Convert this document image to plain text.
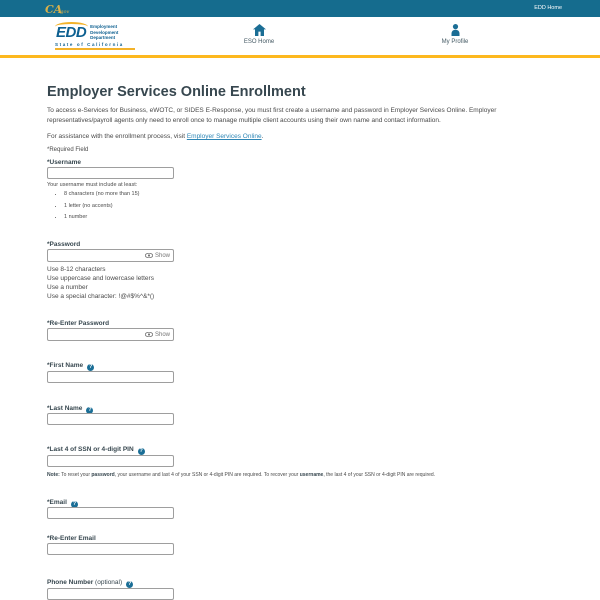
CAgov
EDD Home
EDD Employment
Development
Department
State of California	ESO Home	My Profile
Employer Services Online Enrollment

To access e-Services for Business, eWOTC, or SIDES E-Response, you must first create a username and password in Employer Services Online. Employer representatives/payroll agents only need to enroll once to manage multiple client accounts using their own name and contact information.

For assistance with the enrollment process, visit Employer Services Online.

*Required Field
*Username
Your username must include at least:
• 8 characters (no more than 15)
• 1 letter (no accents)
• 1 number
*Password
Show
Use 8-12 characters
Use uppercase and lowercase letters
Use a number
Use a special character: !@#$%^&*()
*Re-Enter Password
Show
*First Name ?
*Last Name ?
*Last 4 of SSN or 4-digit PIN ?
Note: To reset your password, your username and last 4 of your SSN or 4-digit PIN are required. To recover your username, the last 4 of your SSN or 4-digit PIN are required.
*Email ?
*Re-Enter Email
Phone Number (optional) ?
